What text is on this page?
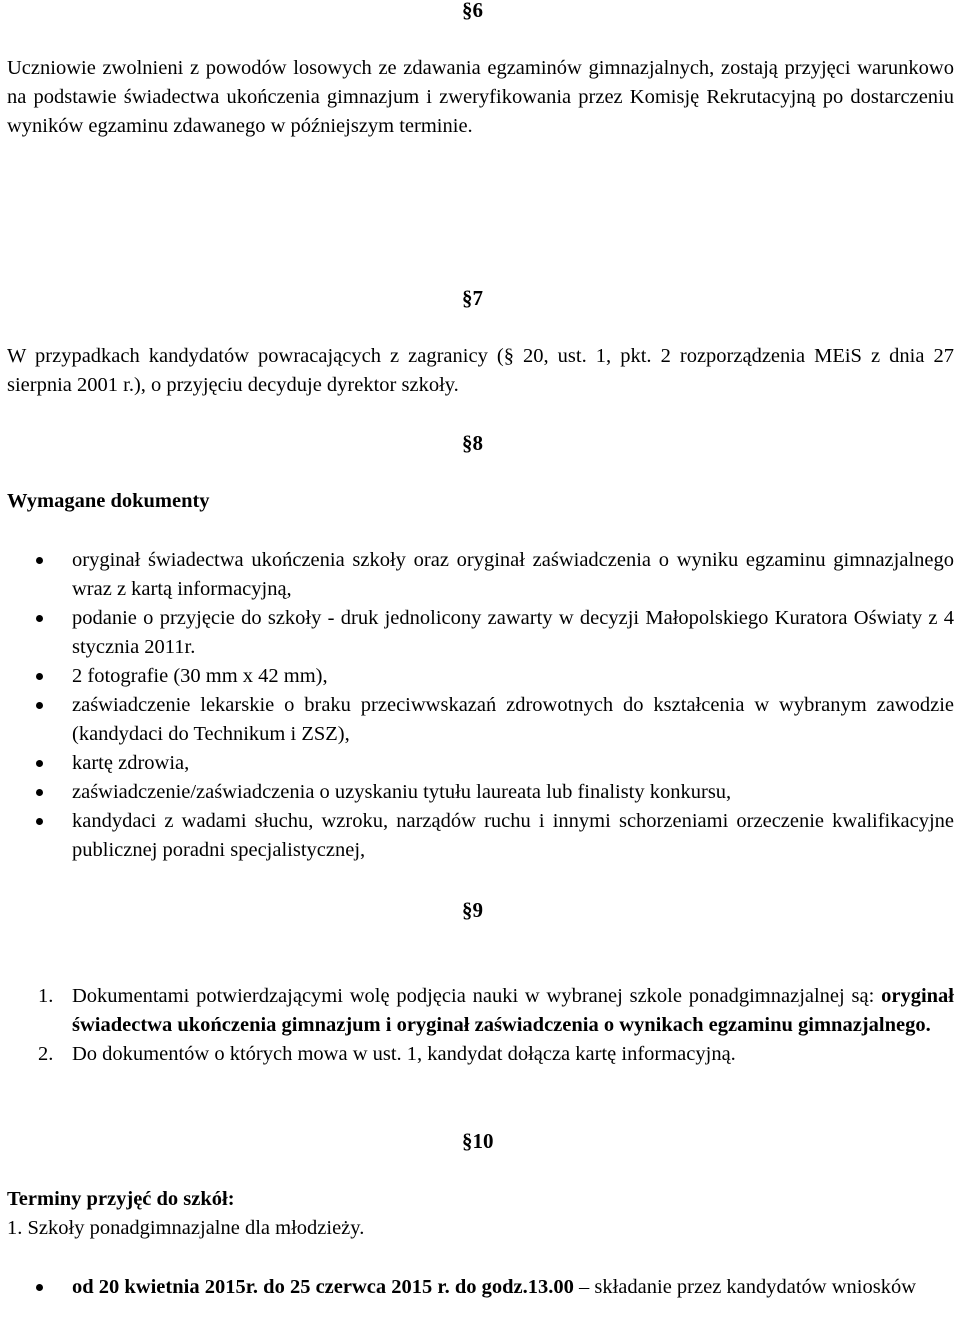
§6
Uczniowie zwolnieni z powodów losowych ze zdawania egzaminów gimnazjalnych, zostają przyjęci warunkowo na podstawie świadectwa ukończenia gimnazjum i zweryfikowania przez Komisję Rekrutacyjną po dostarczeniu wyników egzaminu zdawanego w późniejszym terminie.
§7
W przypadkach kandydatów powracających z zagranicy (§ 20, ust. 1, pkt. 2 rozporządzenia MEiS z dnia 27 sierpnia 2001 r.), o przyjęciu decyduje dyrektor szkoły.
§8
Wymagane dokumenty
oryginał świadectwa ukończenia szkoły oraz oryginał zaświadczenia o wyniku egzaminu gimnazjalnego wraz z kartą informacyjną,
podanie o przyjęcie do szkoły - druk jednolicony zawarty w decyzji Małopolskiego Kuratora Oświaty z 4 stycznia 2011r.
2 fotografie (30 mm x 42 mm),
zaświadczenie lekarskie o braku przeciwwskazań zdrowotnych do kształcenia w wybranym zawodzie (kandydaci do Technikum i ZSZ),
kartę zdrowia,
zaświadczenie/zaświadczenia o uzyskaniu tytułu laureata lub finalisty konkursu,
kandydaci z wadami słuchu, wzroku, narządów ruchu i innymi schorzeniami orzeczenie kwalifikacyjne publicznej poradni specjalistycznej,
§9
1. Dokumentami potwierdzającymi wolę podjęcia nauki w wybranej szkole ponadgimnazjalnej są: oryginał świadectwa ukończenia gimnazjum i oryginał zaświadczenia o wynikach egzaminu gimnazjalnego.
2. Do dokumentów o których mowa w ust. 1, kandydat dołącza kartę informacyjną.
§10
Terminy przyjęć do szkół:
1. Szkoły ponadgimnazjalne dla młodzieży.
od 20 kwietnia 2015r. do 25 czerwca 2015 r. do godz.13.00 – składanie przez kandydatów wniosków
